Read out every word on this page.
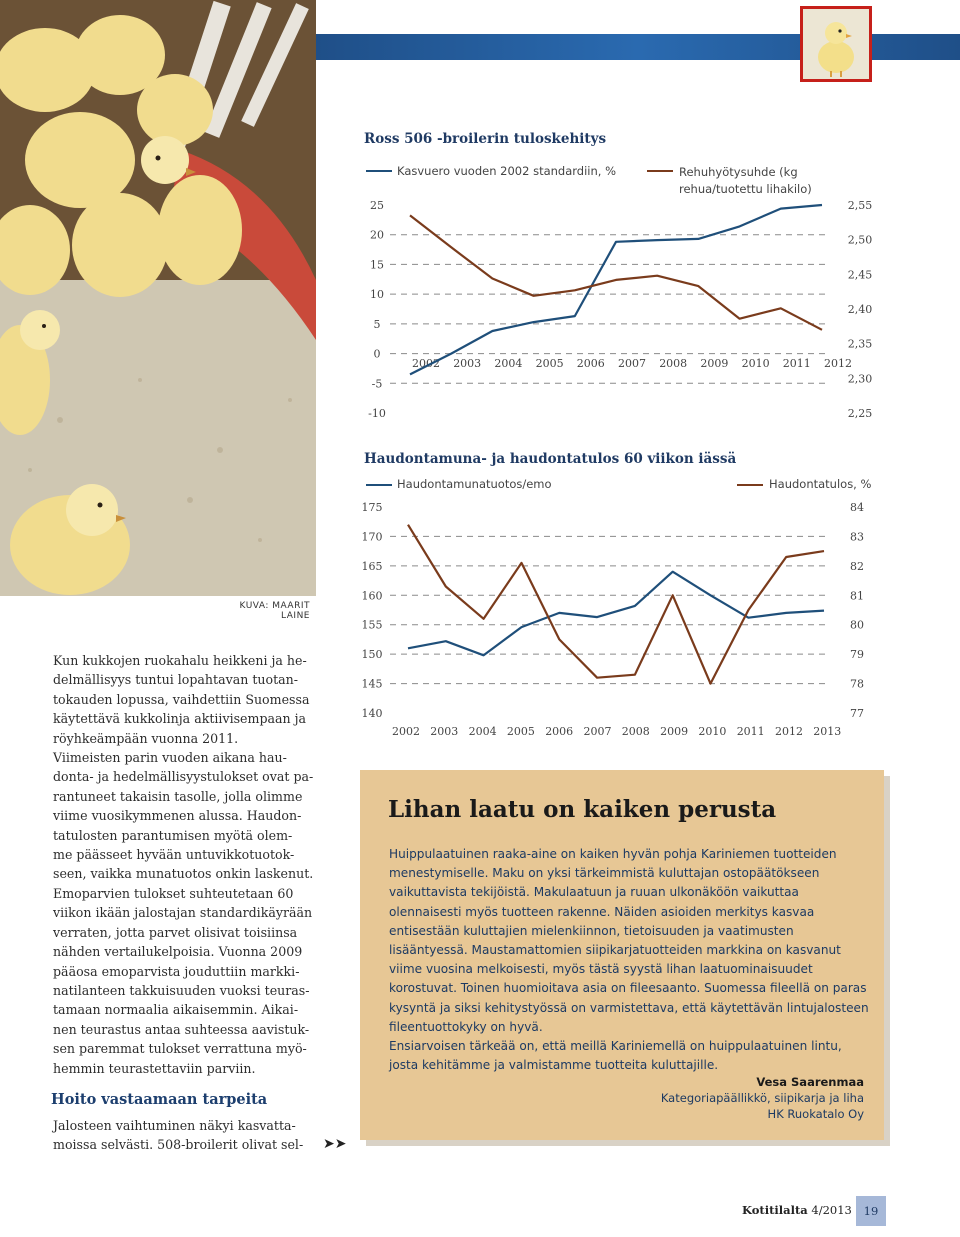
KUVA: MAARIT LAINE
Kun kukkojen ruokahalu heikkeni ja he-
delmällisyys tuntui lopahtavan tuotan-
tokauden lopussa, vaihdettiin Suomessa
käytettävä kukkolinja aktiivisempaan ja
röyhkeämpään vuonna 2011.
Viimeisten parin vuoden aikana hau-
donta- ja hedelmällisyystulokset ovat pa-
rantuneet takaisin tasolle, jolla olimme
viime vuosikymmenen alussa. Haudon-
tatulosten parantumisen myötä olem-
me päässeet hyvään untuvikkotuotok-
seen, vaikka munatuotos onkin laskenut.
Emoparvien tulokset suhteutetaan 60
viikon ikään jalostajan standardikäyrään
verraten, jotta parvet olisivat toisiinsa
nähden vertailukelpoisia. Vuonna 2009
pääosa emoparvista jouduttiin markki-
natilanteen takkuisuuden vuoksi teuras-
tamaan normaalia aikaisemmin. Aikai-
nen teurastus antaa suhteessa aavistuk-
sen paremmat tulokset verrattuna myö-
hemmin teurastettaviin parviin.
Hoito vastaamaan tarpeita
Jalosteen vaihtuminen näkyi kasvatta-
moissa selvästi. 508-broilerit olivat sel-	➤➤
Ross 506 -broilerin tuloskehitys
Kasvuero vuoden 2002 standardiin, %	Rehuhyötysuhde (kg rehua/tuotettu lihakilo)
25
20
15
10
5
0
-5
-10
2,55
2,50
2,45
2,40
2,35
2,30
2,25
2002 2003 2004 2005 2006 2007 2008 2009 2010 2011 2012
Haudontamuna- ja haudontatulos 60 viikon iässä
Haudontamunatuotos/emo	Haudontatulos, %
175
170
165
160
155
150
145
140
84
83
82
81
80
79
78
77
2002 2003 2004 2005 2006 2007 2008 2009 2010 2011 2012 2013
Lihan laatu on kaiken perusta
Huippulaatuinen raaka-aine on kaiken hyvän pohja Kariniemen tuotteiden
menestymiselle. Maku on yksi tärkeimmistä kuluttajan ostopäätökseen
vaikuttavista tekijöistä. Makulaatuun ja ruuan ulkonäköön vaikuttaa
olennaisesti myös tuotteen rakenne. Näiden asioiden merkitys kasvaa
entisestään kuluttajien mielenkiinnon, tietoisuuden ja vaatimusten
lisääntyessä. Maustamattomien siipikarjatuotteiden markkina on kasvanut
viime vuosina melkoisesti, myös tästä syystä lihan laatuominaisuudet
korostuvat. Toinen huomioitava asia on fileesaanto. Suomessa fileellä on paras
kysyntä ja siksi kehitystyössä on varmistettava, että käytettävän lintujalosteen
fileentuottokyky on hyvä.
Ensiarvoisen tärkeää on, että meillä Kariniemellä on huippulaatuinen lintu,
josta kehitämme ja valmistamme tuotteita kuluttajille.
Vesa Saarenmaa
Kategoriapäällikkö, siipikarja ja liha
HK Ruokatalo Oy
Kotitilalta 4/2013	19
